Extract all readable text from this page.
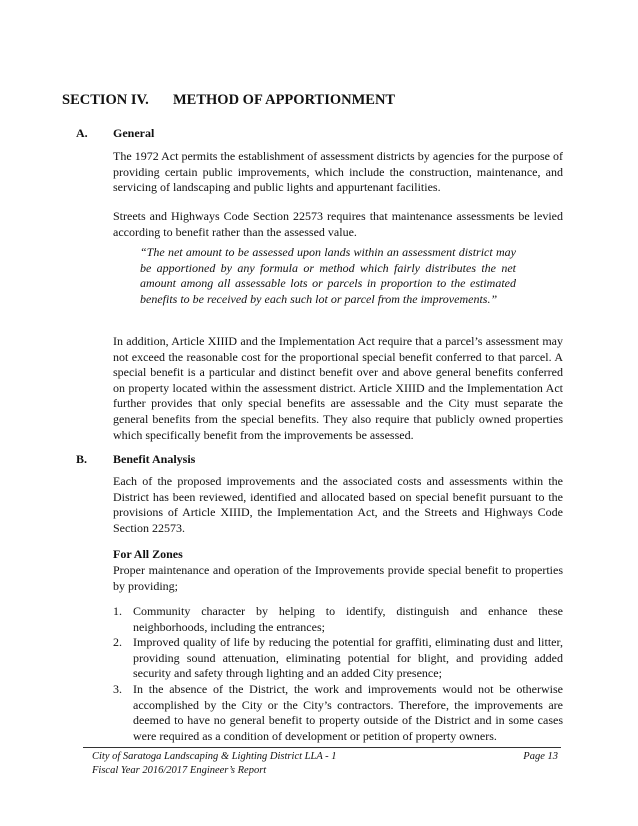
SECTION IV. METHOD OF APPORTIONMENT
A. General

The 1972 Act permits the establishment of assessment districts by agencies for the purpose of providing certain public improvements, which include the construction, maintenance, and servicing of landscaping and public lights and appurtenant facilities.

Streets and Highways Code Section 22573 requires that maintenance assessments be levied according to benefit rather than the assessed value.

“The net amount to be assessed upon lands within an assessment district may be apportioned by any formula or method which fairly distributes the net amount among all assessable lots or parcels in proportion to the estimated benefits to be received by each such lot or parcel from the improvements.”

In addition, Article XIIID and the Implementation Act require that a parcel’s assessment may not exceed the reasonable cost for the proportional special benefit conferred to that parcel. A special benefit is a particular and distinct benefit over and above general benefits conferred on property located within the assessment district. Article XIIID and the Implementation Act further provides that only special benefits are assessable and the City must separate the general benefits from the special benefits. They also require that publicly owned properties which specifically benefit from the improvements be assessed.

B. Benefit Analysis

Each of the proposed improvements and the associated costs and assessments within the District has been reviewed, identified and allocated based on special benefit pursuant to the provisions of Article XIIID, the Implementation Act, and the Streets and Highways Code Section 22573.

For All Zones

Proper maintenance and operation of the Improvements provide special benefit to properties by providing;

1. Community character by helping to identify, distinguish and enhance these neighborhoods, including the entrances;
2. Improved quality of life by reducing the potential for graffiti, eliminating dust and litter, providing sound attenuation, eliminating potential for blight, and providing added security and safety through lighting and an added City presence;
3. In the absence of the District, the work and improvements would not be otherwise accomplished by the City or the City’s contractors. Therefore, the improvements are deemed to have no general benefit to property outside of the District and in some cases were required as a condition of development or petition of property owners.
City of Saratoga Landscaping & Lighting District LLA - 1
Fiscal Year 2016/2017 Engineer’s Report
Page 13
